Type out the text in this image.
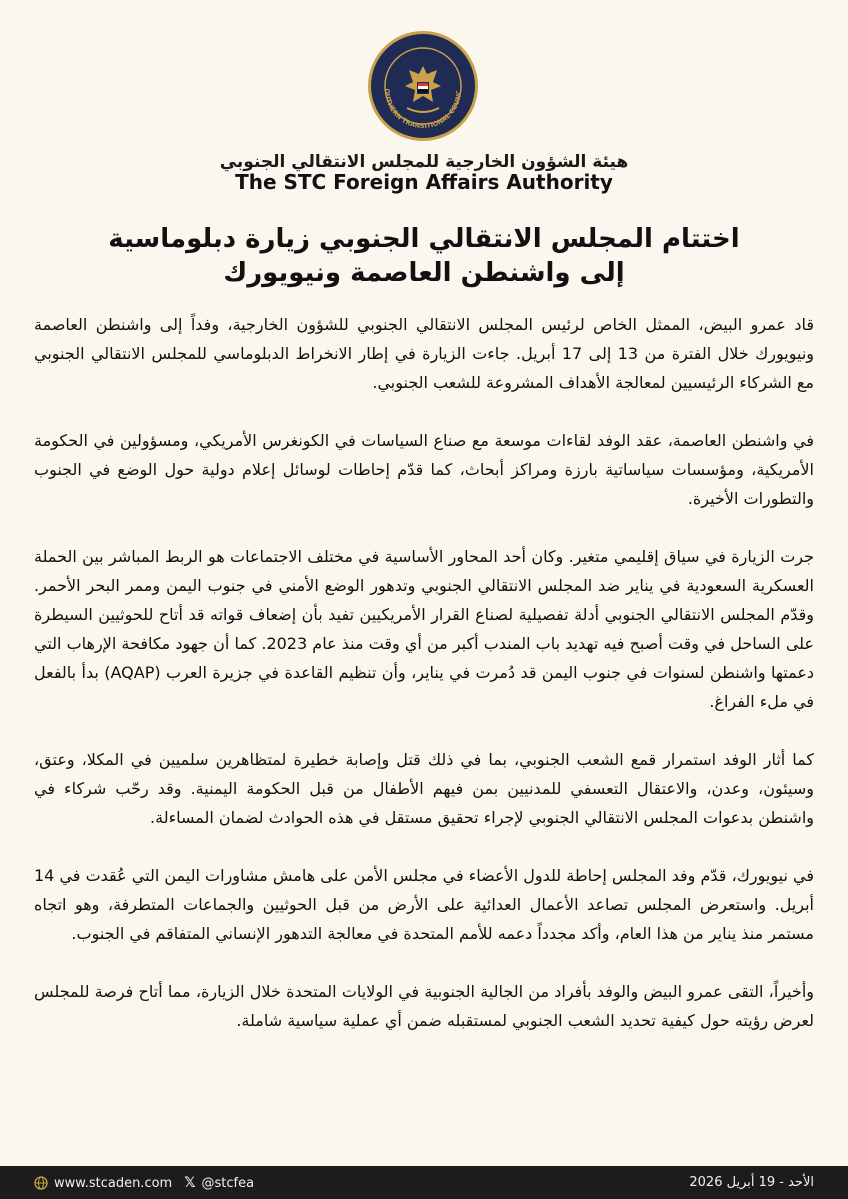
OUTHERN TRANSITIONAL COUNC
هيئة الشؤون الخارجية للمجلس الانتقالي الجنوبي
The STC Foreign Affairs Authority
اختتام المجلس الانتقالي الجنوبي زيارة دبلوماسية إلى واشنطن العاصمة ونيويورك

قاد عمرو البيض، الممثل الخاص لرئيس المجلس الانتقالي الجنوبي للشؤون الخارجية، وفداً إلى واشنطن العاصمة ونيويورك خلال الفترة من 13 إلى 17 أبريل. جاءت الزيارة في إطار الانخراط الدبلوماسي للمجلس الانتقالي الجنوبي مع الشركاء الرئيسيين لمعالجة الأهداف المشروعة للشعب الجنوبي.

في واشنطن العاصمة، عقد الوفد لقاءات موسعة مع صناع السياسات في الكونغرس الأمريكي، ومسؤولين في الحكومة الأمريكية، ومؤسسات سياساتية بارزة ومراكز أبحاث، كما قدّم إحاطات لوسائل إعلام دولية حول الوضع في الجنوب والتطورات الأخيرة.

جرت الزيارة في سياق إقليمي متغير. وكان أحد المحاور الأساسية في مختلف الاجتماعات هو الربط المباشر بين الحملة العسكرية السعودية في يناير ضد المجلس الانتقالي الجنوبي وتدهور الوضع الأمني في جنوب اليمن وممر البحر الأحمر. وقدّم المجلس الانتقالي الجنوبي أدلة تفصيلية لصناع القرار الأمريكيين تفيد بأن إضعاف قواته قد أتاح للحوثيين السيطرة على الساحل في وقت أصبح فيه تهديد باب المندب أكبر من أي وقت منذ عام 2023. كما أن جهود مكافحة الإرهاب التي دعمتها واشنطن لسنوات في جنوب اليمن قد دُمرت في يناير، وأن تنظيم القاعدة في جزيرة العرب (AQAP) بدأ بالفعل في ملء الفراغ.

كما أثار الوفد استمرار قمع الشعب الجنوبي، بما في ذلك قتل وإصابة خطيرة لمتظاهرين سلميين في المكلا، وعتق، وسيئون، وعدن، والاعتقال التعسفي للمدنيين بمن فيهم الأطفال من قبل الحكومة اليمنية. وقد رحّب شركاء في واشنطن بدعوات المجلس الانتقالي الجنوبي لإجراء تحقيق مستقل في هذه الحوادث لضمان المساءلة.

في نيويورك، قدّم وفد المجلس إحاطة للدول الأعضاء في مجلس الأمن على هامش مشاورات اليمن التي عُقدت في 14 أبريل. واستعرض المجلس تصاعد الأعمال العدائية على الأرض من قبل الحوثيين والجماعات المتطرفة، وهو اتجاه مستمر منذ يناير من هذا العام، وأكد مجدداً دعمه للأمم المتحدة في معالجة التدهور الإنساني المتفاقم في الجنوب.

وأخيراً، التقى عمرو البيض والوفد بأفراد من الجالية الجنوبية في الولايات المتحدة خلال الزيارة، مما أتاح فرصة للمجلس لعرض رؤيته حول كيفية تحديد الشعب الجنوبي لمستقبله ضمن أي عملية سياسية شاملة.

www.stcaden.com 𝕏 @stcfea	الأحد - 19 أبريل 2026
